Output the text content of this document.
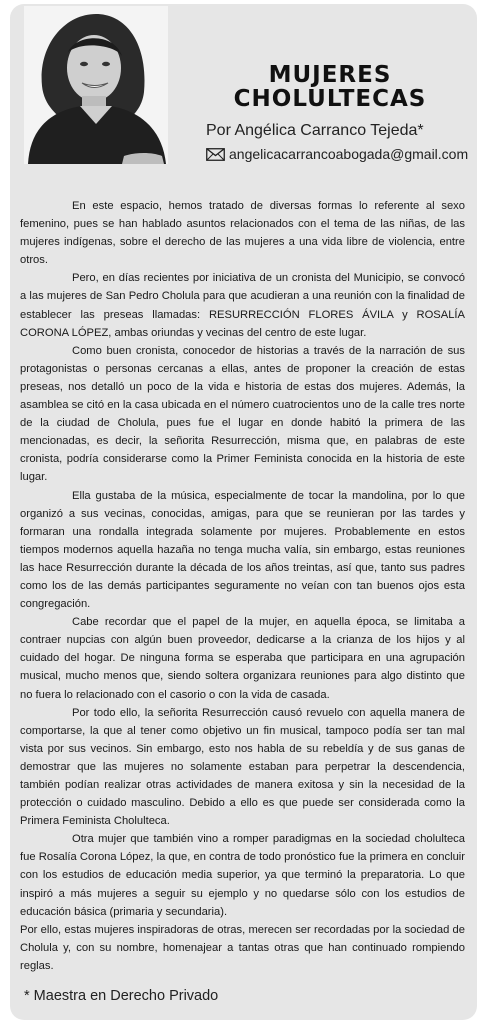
MUJERES
CHOLULTECAS
Por Angélica Carranco Tejeda*
angelicacarrancoabogada@gmail.com

En este espacio, hemos tratado de diversas formas lo referente al sexo femenino, pues se han hablado asuntos relacionados con el tema de las niñas, de las mujeres indígenas, sobre el derecho de las mujeres a una vida libre de violencia, entre otros.

Pero, en días recientes por iniciativa de un cronista del Municipio, se convocó a las mujeres de San Pedro Cholula para que acudieran a una reunión con la finalidad de establecer las preseas llamadas: RESURRECCIÓN FLORES ÁVILA y ROSALÍA CORONA LÓPEZ, ambas oriundas y vecinas del centro de este lugar.

Como buen cronista, conocedor de historias a través de la narración de sus protagonistas o personas cercanas a ellas, antes de proponer la creación de estas preseas, nos detalló un poco de la vida e historia de estas dos mujeres. Además, la asamblea se citó en la casa ubicada en el número cuatrocientos uno de la calle tres norte de la ciudad de Cholula, pues fue el lugar en donde habitó la primera de las mencionadas, es decir, la señorita Resurrección, misma que, en palabras de este cronista, podría considerarse como la Primer Feminista conocida en la historia de este lugar.

Ella gustaba de la música, especialmente de tocar la mandolina, por lo que organizó a sus vecinas, conocidas, amigas, para que se reunieran por las tardes y formaran una rondalla integrada solamente por mujeres. Probablemente en estos tiempos modernos aquella hazaña no tenga mucha valía, sin embargo, estas reuniones las hace Resurrección durante la década de los años treintas, así que, tanto sus padres como los de las demás participantes seguramente no veían con tan buenos ojos esta congregación.

Cabe recordar que el papel de la mujer, en aquella época, se limitaba a contraer nupcias con algún buen proveedor, dedicarse a la crianza de los hijos y al cuidado del hogar. De ninguna forma se esperaba que participara en una agrupación musical, mucho menos que, siendo soltera organizara reuniones para algo distinto que no fuera lo relacionado con el casorio o con la vida de casada.

Por todo ello, la señorita Resurrección causó revuelo con aquella manera de comportarse, la que al tener como objetivo un fin musical, tampoco podía ser tan mal vista por sus vecinos. Sin embargo, esto nos habla de su rebeldía y de sus ganas de demostrar que las mujeres no solamente estaban para perpetrar la descendencia, también podían realizar otras actividades de manera exitosa y sin la necesidad de la protección o cuidado masculino. Debido a ello es que puede ser considerada como la Primera Feminista Cholulteca.

Otra mujer que también vino a romper paradigmas en la sociedad cholulteca fue Rosalía Corona López, la que, en contra de todo pronóstico fue la primera en concluir con los estudios de educación media superior, ya que terminó la preparatoria. Lo que inspiró a más mujeres a seguir su ejemplo y no quedarse sólo con los estudios de educación básica (primaria y secundaria).

Por ello, estas mujeres inspiradoras de otras, merecen ser recordadas por la sociedad de Cholula y, con su nombre, homenajear a tantas otras que han continuado rompiendo reglas.

* Maestra en Derecho Privado
